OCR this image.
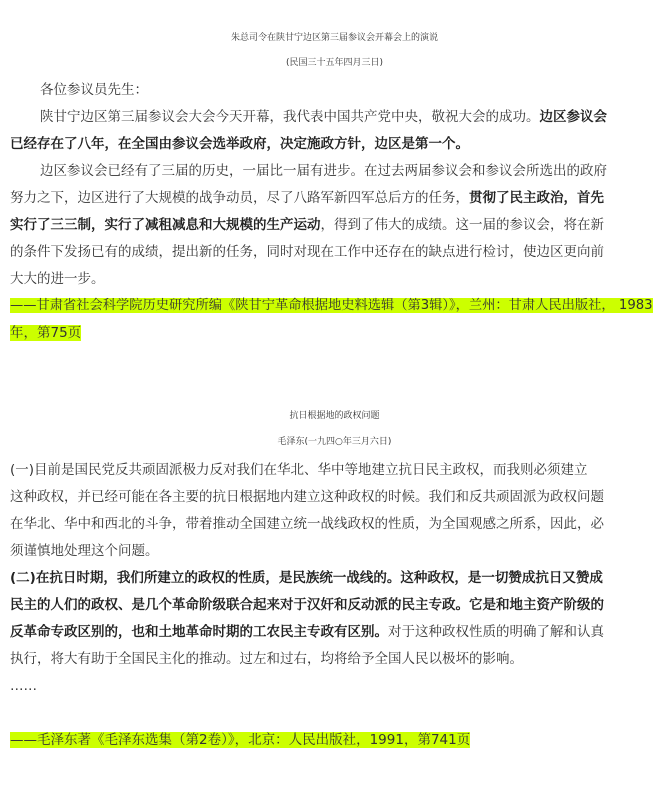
朱总司令在陕甘宁边区第三届参议会开幕会上的演说
(民国三十五年四月三日)
各位参议员先生：
陕甘宁边区第三届参议会大会今天开幕，我代表中国共产党中央，敬祝大会的成功。边区参议会
已经存在了八年，在全国由参议会选举政府，决定施政方针，边区是第一个。
边区参议会已经有了三届的历史，一届比一届有进步。在过去两届参议会和参议会所选出的政府
努力之下，边区进行了大规模的战争动员，尽了八路军新四军总后方的任务，贯彻了民主政治，首先
实行了三三制，实行了减租减息和大规模的生产运动，得到了伟大的成绩。这一届的参议会，将在新
的条件下发扬已有的成绩，提出新的任务，同时对现在工作中还存在的缺点进行检讨，使边区更向前
大大的进一步。
——甘肃省社会科学院历史研究所编《陕甘宁革命根据地史料选辑（第3辑）》，兰州：甘肃人民出版社， 1983
年，第75页
抗日根据地的政权问题
毛泽东(一九四○年三月六日)
(一)目前是国民党反共顽固派极力反对我们在华北、华中等地建立抗日民主政权，而我则必须建立
这种政权，并已经可能在各主要的抗日根据地内建立这种政权的时候。我们和反共顽固派为政权问题
在华北、华中和西北的斗争，带着推动全国建立统一战线政权的性质，为全国观感之所系，因此，必
须谨慎地处理这个问题。
(二)在抗日时期，我们所建立的政权的性质，是民族统一战线的。这种政权，是一切赞成抗日又赞成
民主的人们的政权、是几个革命阶级联合起来对于汉奸和反动派的民主专政。它是和地主资产阶级的
反革命专政区别的，也和土地革命时期的工农民主专政有区别。对于这种政权性质的明确了解和认真
执行，将大有助于全国民主化的推动。过左和过右，均将给予全国人民以极坏的影响。
……
——毛泽东著《毛泽东选集（第2卷）》，北京：人民出版社，1991，第741页
